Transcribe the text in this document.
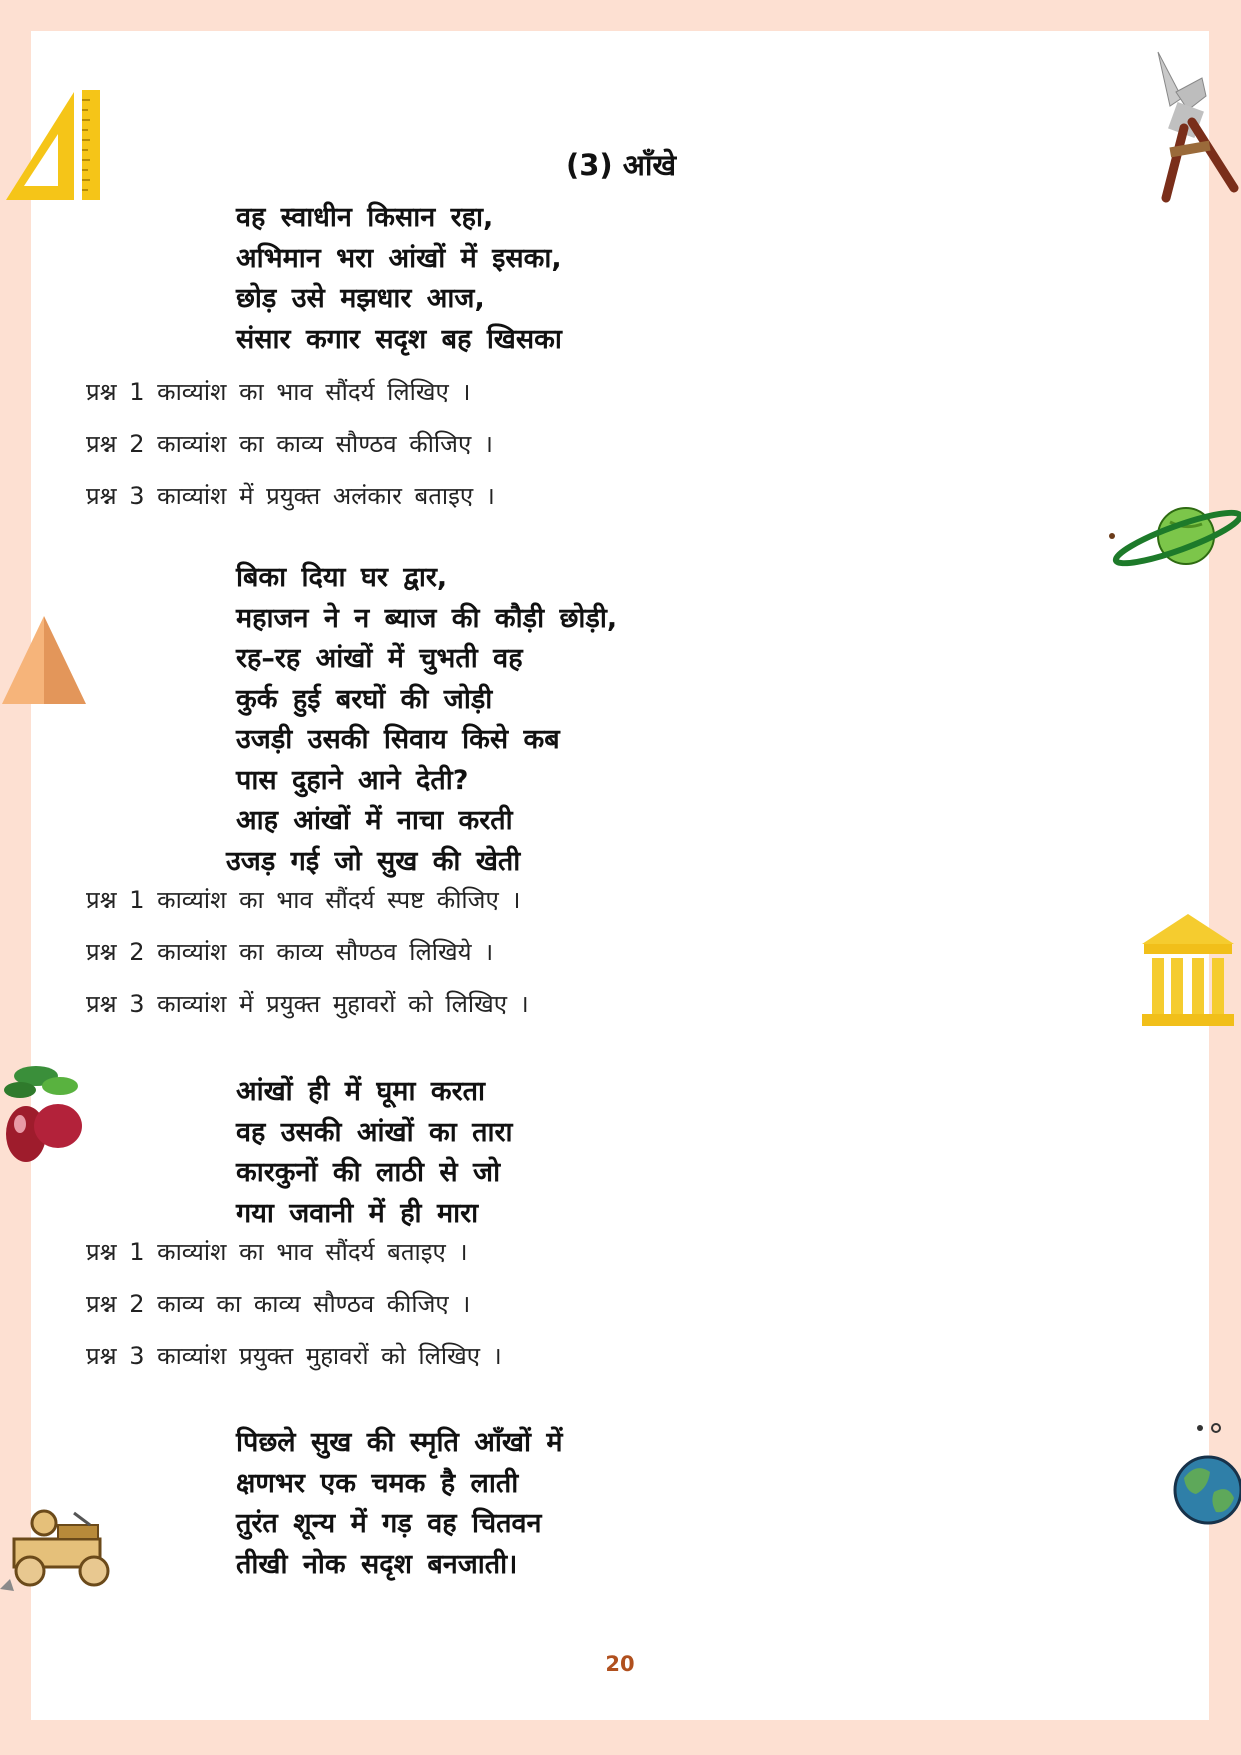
(3) आँखे
वह स्वाधीन किसान रहा,
अभिमान भरा आंखों में इसका,
छोड़ उसे मझधार आज,
संसार कगार सदृश बह खिसका
प्रश्न 1 काव्यांश का भाव सौंदर्य लिखिए ।
प्रश्न 2 काव्यांश का काव्य सौण्ठव कीजिए ।
प्रश्न 3 काव्यांश में प्रयुक्त अलंकार बताइए ।
बिका दिया घर द्वार,
महाजन ने न ब्याज की कौड़ी छोड़ी,
रह–रह आंखों में चुभती वह
कुर्क हुई बरघों की जोड़ी
उजड़ी उसकी सिवाय किसे कब
पास दुहाने आने देती?
आह आंखों में नाचा करती
उजड़ गई जो सुख की खेती
प्रश्न 1 काव्यांश का भाव सौंदर्य स्पष्ट कीजिए ।
प्रश्न 2 काव्यांश का काव्य सौण्ठव लिखिये ।
प्रश्न 3 काव्यांश में प्रयुक्त मुहावरों को लिखिए ।
आंखों ही में घूमा करता
वह उसकी आंखों का तारा
कारकुनों की लाठी से जो
गया जवानी में ही मारा
प्रश्न 1 काव्यांश का भाव सौंदर्य बताइए ।
प्रश्न 2 काव्य का काव्य सौण्ठव कीजिए ।
प्रश्न 3 काव्यांश प्रयुक्त मुहावरों को लिखिए ।
पिछले सुख की स्मृति आँखों में
क्षणभर एक चमक है लाती
तुरंत शून्य में गड़ वह चितवन
तीखी नोक सदृश बनजाती।
20
